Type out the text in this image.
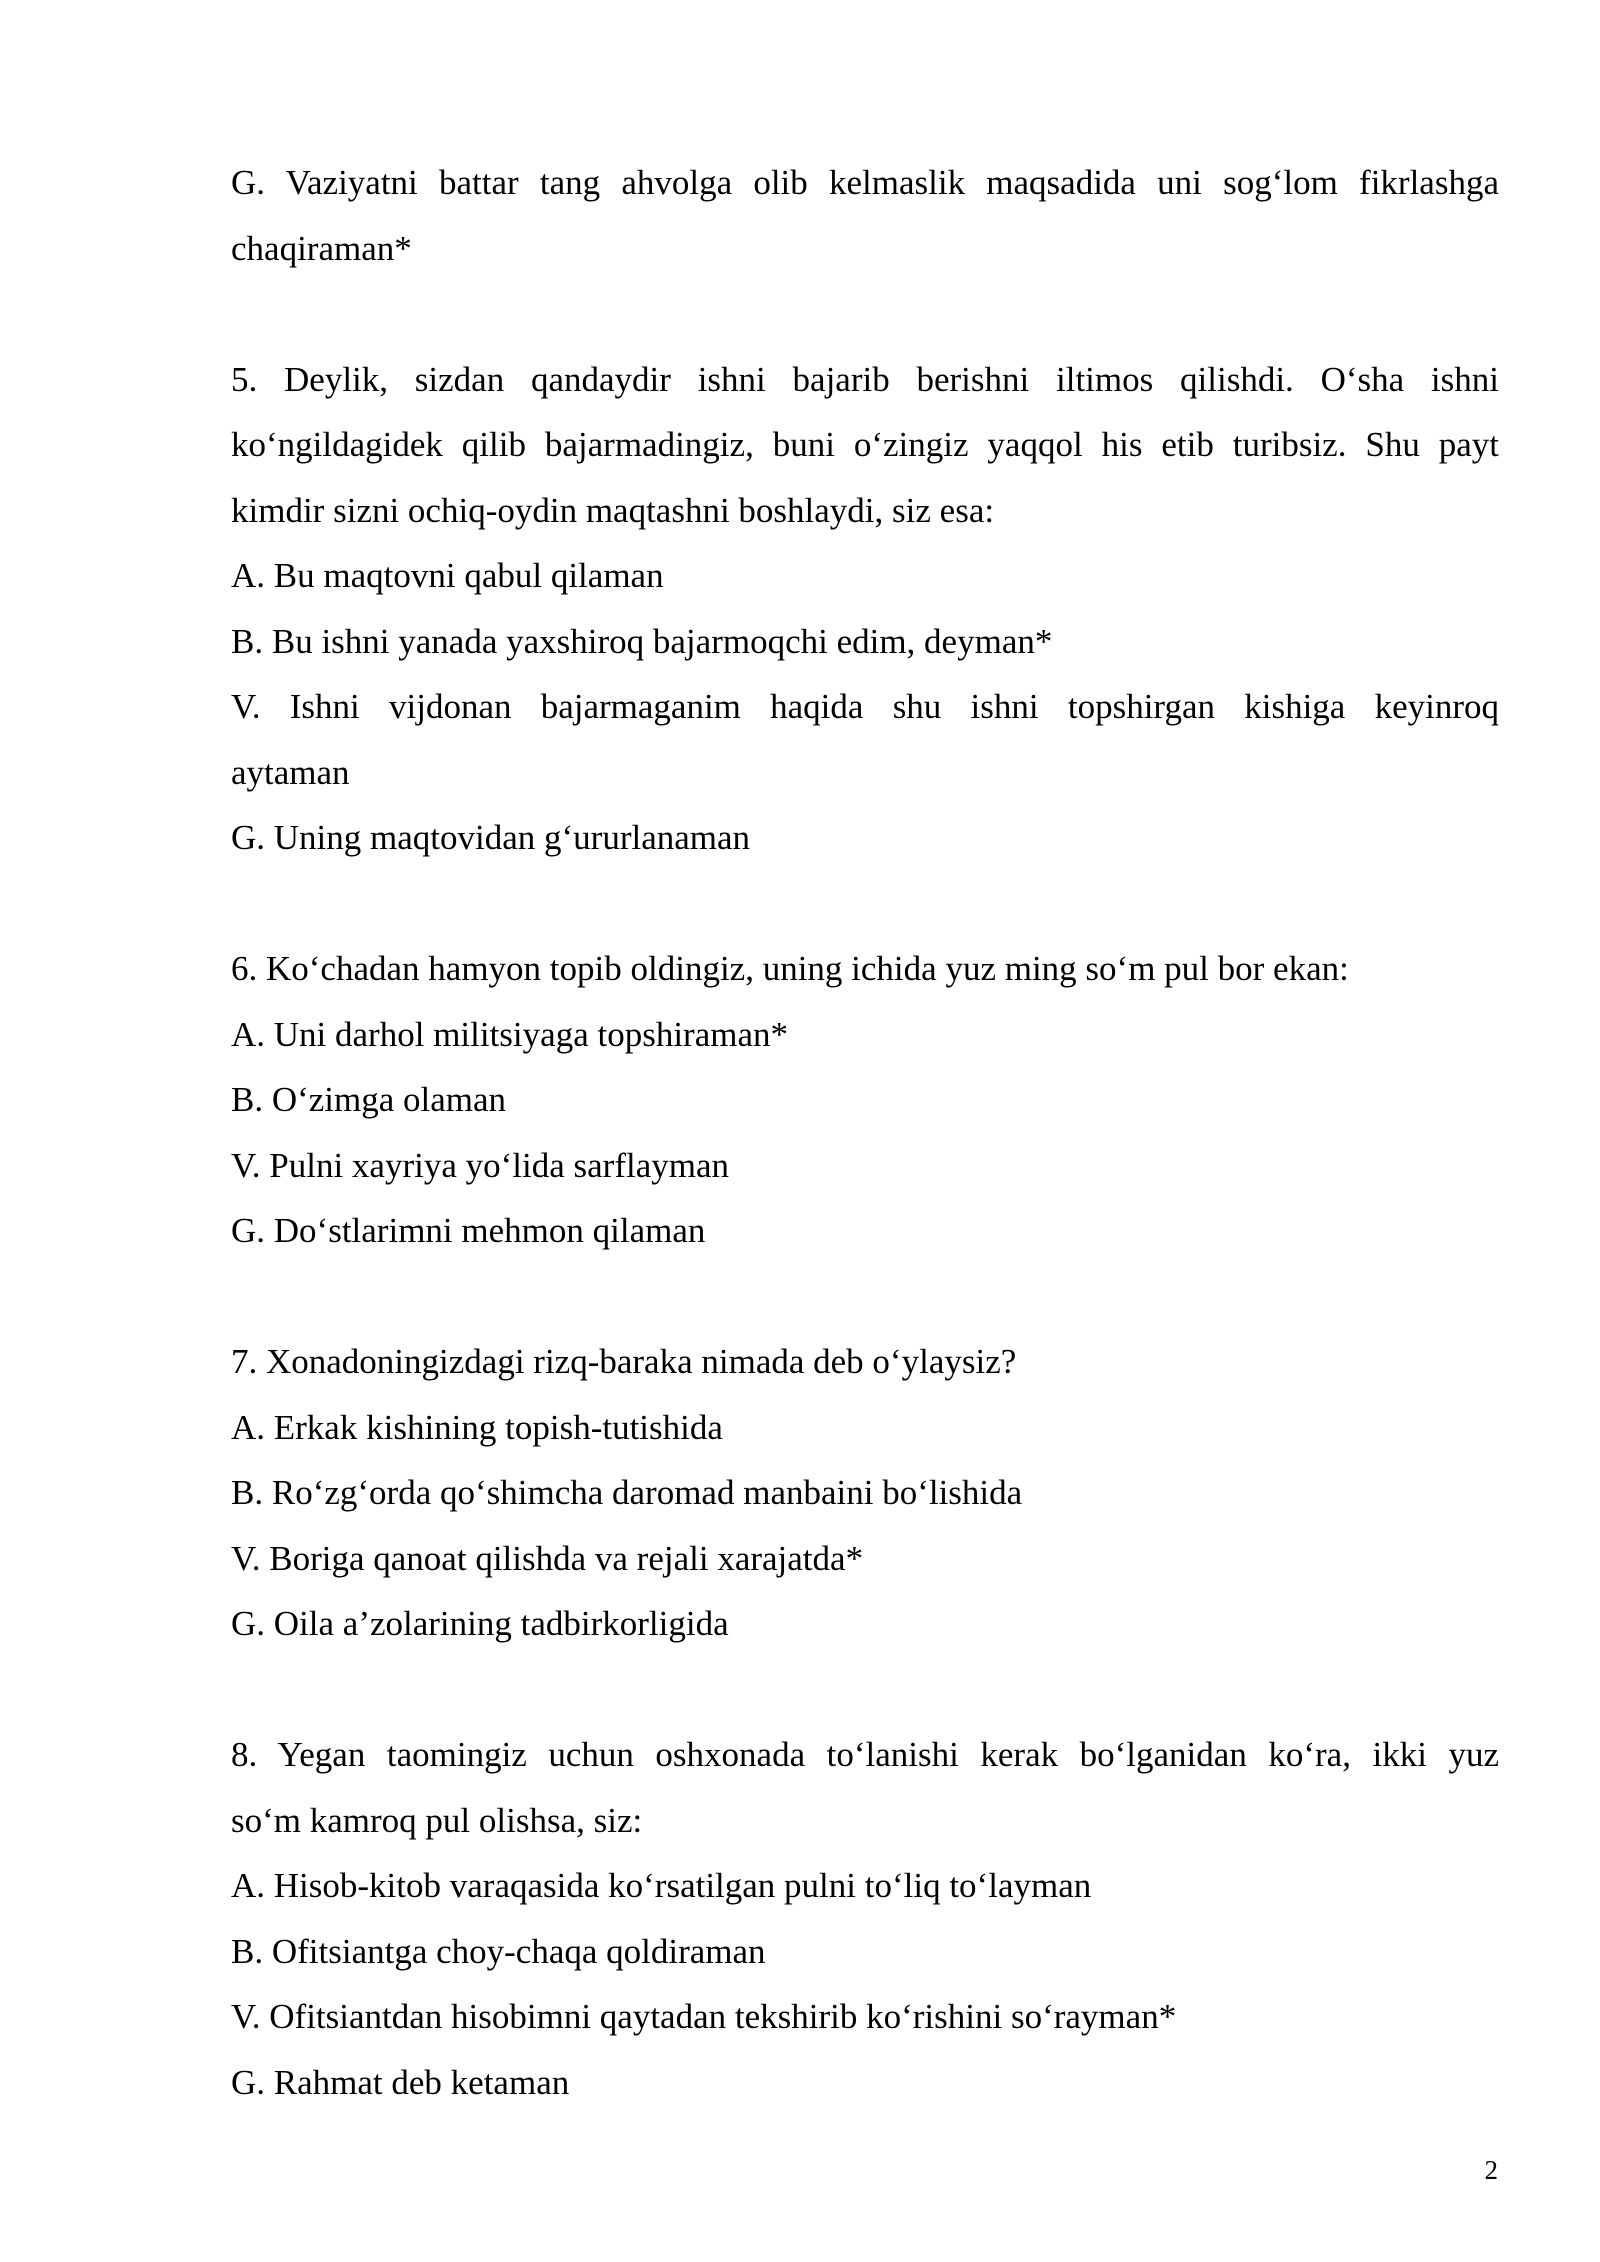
G. Vaziyatni battar tang ahvolga olib kelmaslik maqsadida uni sog‘lom fikrlashga
chaqiraman*
5. Deylik, sizdan qandaydir ishni bajarib berishni iltimos qilishdi. O‘sha ishni
ko‘ngildagidek qilib bajarmadingiz, buni o‘zingiz yaqqol his etib turibsiz. Shu payt
kimdir sizni ochiq-oydin maqtashni boshlaydi, siz esa:
A. Bu maqtovni qabul qilaman
B. Bu ishni yanada yaxshiroq bajarmoqchi edim, deyman*
V. Ishni vijdonan bajarmaganim haqida shu ishni topshirgan kishiga keyinroq
aytaman
G. Uning maqtovidan g‘ururlanaman
6. Ko‘chadan hamyon topib oldingiz, uning ichida yuz ming so‘m pul bor ekan:
A. Uni darhol militsiyaga topshiraman*
B. O‘zimga olaman
V. Pulni xayriya yo‘lida sarflayman
G. Do‘stlarimni mehmon qilaman
7. Xonadoningizdagi rizq-baraka nimada deb o‘ylaysiz?
A. Erkak kishining topish-tutishida
B. Ro‘zg‘orda qo‘shimcha daromad manbaini bo‘lishida
V. Boriga qanoat qilishda va rejali xarajatda*
G. Oila a’zolarining tadbirkorligida
8. Yegan taomingiz uchun oshxonada to‘lanishi kerak bo‘lganidan ko‘ra, ikki yuz
so‘m kamroq pul olishsa, siz:
A. Hisob-kitob varaqasida ko‘rsatilgan pulni to‘liq to‘layman
B. Ofitsiantga choy-chaqa qoldiraman
V. Ofitsiantdan hisobimni qaytadan tekshirib ko‘rishini so‘rayman*
G. Rahmat deb ketaman
2
